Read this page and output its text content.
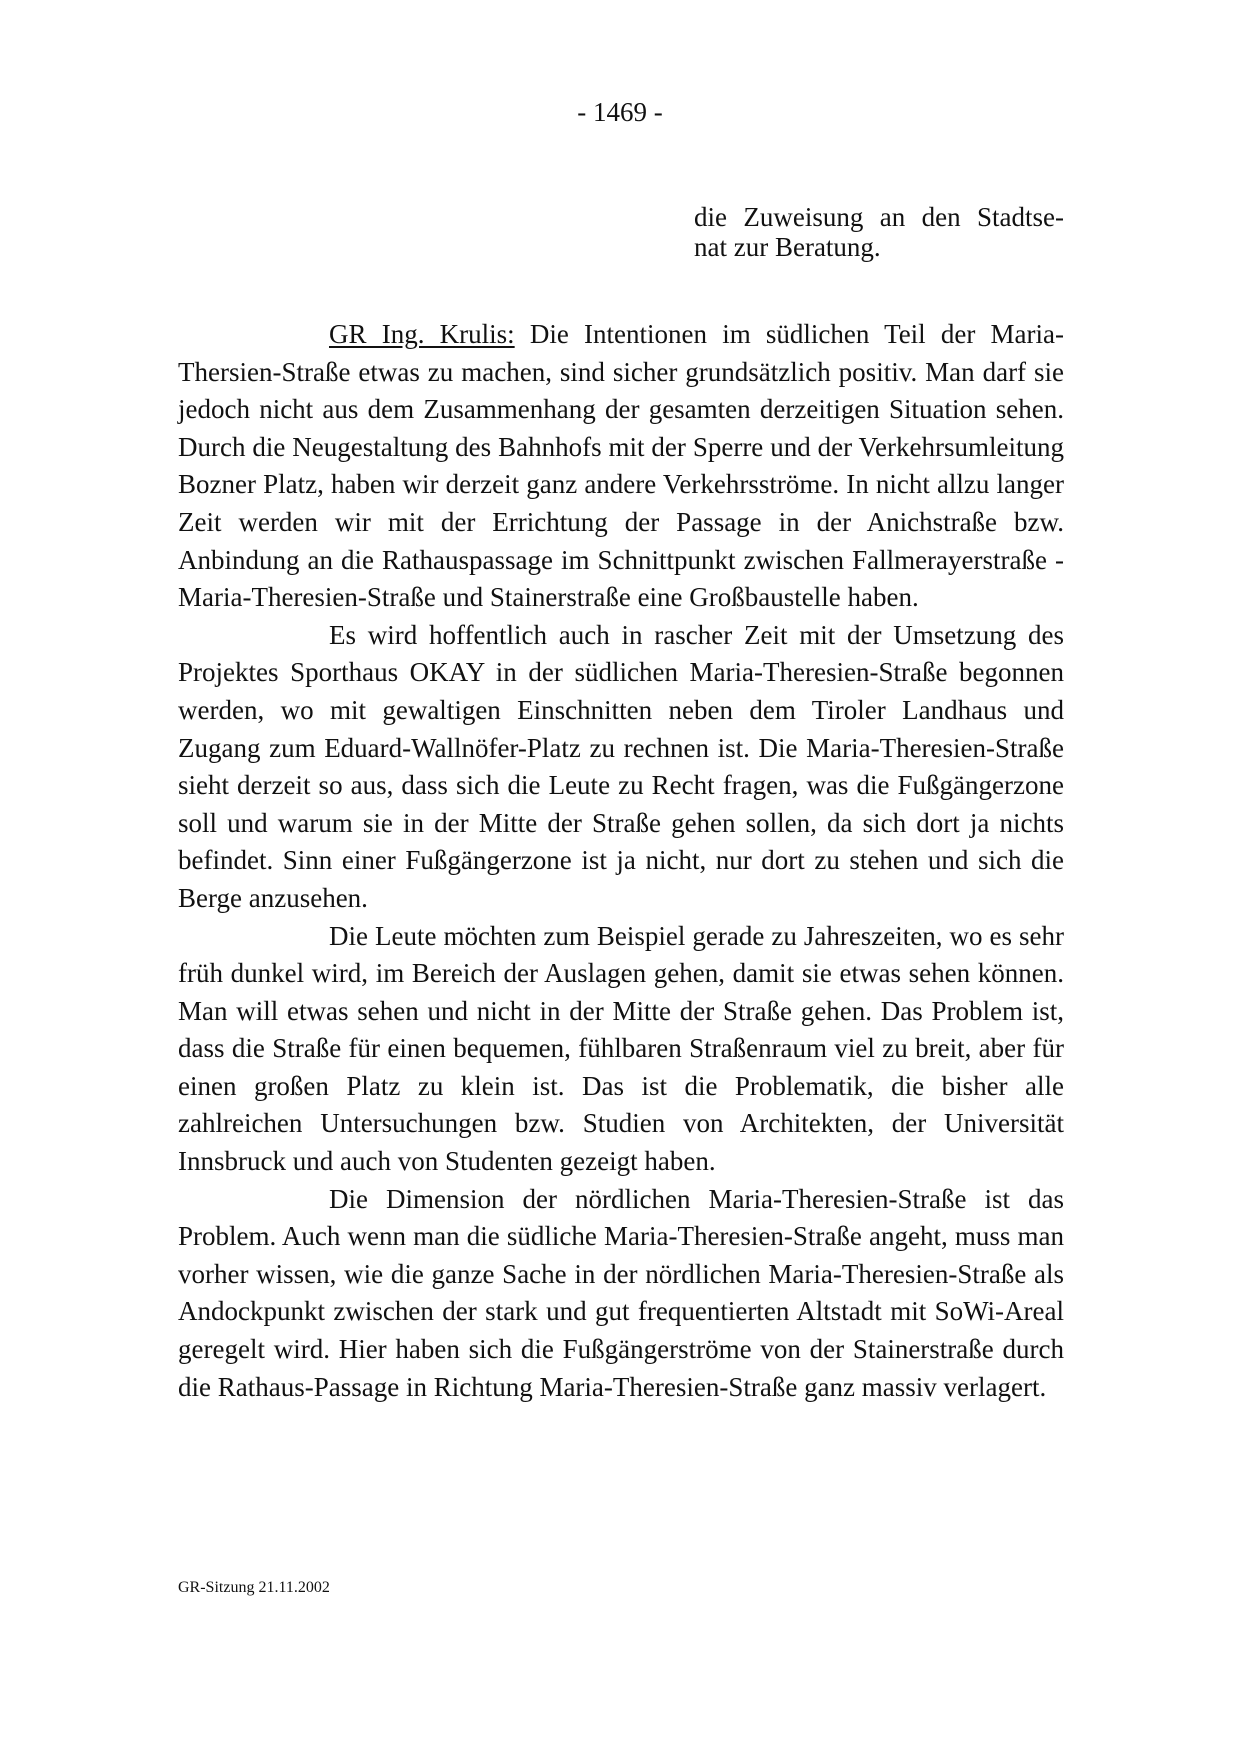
- 1469 -
die Zuweisung an den Stadtse-
nat zur Beratung.

GR Ing. Krulis: Die Intentionen im südlichen Teil der Maria-Thersien-Straße etwas zu machen, sind sicher grundsätzlich positiv. Man darf sie jedoch nicht aus dem Zusammenhang der gesamten derzeitigen Situation sehen. Durch die Neugestaltung des Bahnhofs mit der Sperre und der Verkehrsumleitung Bozner Platz, haben wir derzeit ganz andere Verkehrsströme. In nicht allzu langer Zeit werden wir mit der Errichtung der Passage in der Anichstraße bzw. Anbindung an die Rathauspassage im Schnittpunkt zwischen Fallmerayerstraße - Maria-Theresien-Straße und Stainerstraße eine Großbaustelle haben.

Es wird hoffentlich auch in rascher Zeit mit der Umsetzung des Projektes Sporthaus OKAY in der südlichen Maria-Theresien-Straße begonnen werden, wo mit gewaltigen Einschnitten neben dem Tiroler Landhaus und Zugang zum Eduard-Wallnöfer-Platz zu rechnen ist. Die Maria-Theresien-Straße sieht derzeit so aus, dass sich die Leute zu Recht fragen, was die Fußgängerzone soll und warum sie in der Mitte der Straße gehen sollen, da sich dort ja nichts befindet. Sinn einer Fußgängerzone ist ja nicht, nur dort zu stehen und sich die Berge anzusehen.

Die Leute möchten zum Beispiel gerade zu Jahreszeiten, wo es sehr früh dunkel wird, im Bereich der Auslagen gehen, damit sie etwas sehen können. Man will etwas sehen und nicht in der Mitte der Straße gehen. Das Problem ist, dass die Straße für einen bequemen, fühlbaren Straßenraum viel zu breit, aber für einen großen Platz zu klein ist. Das ist die Problematik, die bisher alle zahlreichen Untersuchungen bzw. Studien von Architekten, der Universität Innsbruck und auch von Studenten gezeigt haben.

Die Dimension der nördlichen Maria-Theresien-Straße ist das Problem. Auch wenn man die südliche Maria-Theresien-Straße angeht, muss man vorher wissen, wie die ganze Sache in der nördlichen Maria-Theresien-Straße als Andockpunkt zwischen der stark und gut frequentierten Altstadt mit SoWi-Areal geregelt wird. Hier haben sich die Fußgängerströme von der Stainerstraße durch die Rathaus-Passage in Richtung Maria-Theresien-Straße ganz massiv verlagert.

GR-Sitzung 21.11.2002
